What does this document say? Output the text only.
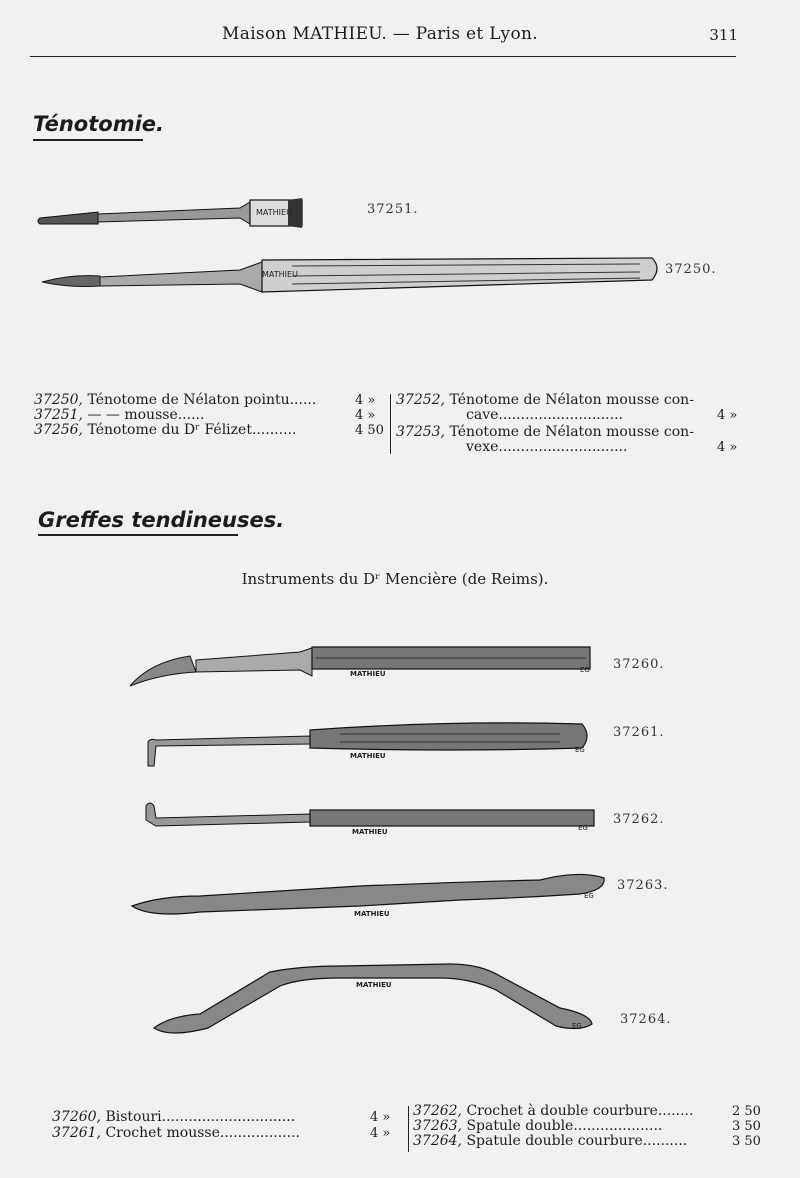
Maison MATHIEU. — Paris et Lyon.	311
Ténotomie.
MATHIEU	37251.
MATHIEU	37250.
37250, Ténotome de Nélaton pointu......	4 »
37251, — — mousse......	4 »
37256, Ténotome du Dʳ Félizet..........	4 50
37252, Ténotome de Nélaton mousse con-
cave............................	4 »
37253, Ténotome de Nélaton mousse con-
vexe.............................	4 »
Greffes tendineuses.
Instruments du Dʳ Mencière (de Reims).
MATHIEU	EG 37260.
MATHIEU
EG
37261.
MATHIEU	EG
37262.
MATHIEU
EG
37263.
MATHIEU
EG	37264.
37260, Bistouri..............................	4 »
37261, Crochet mousse..................	4 »
37262, Crochet à double courbure........	2 50
37263, Spatule double....................	3 50
37264, Spatule double courbure..........	3 50
